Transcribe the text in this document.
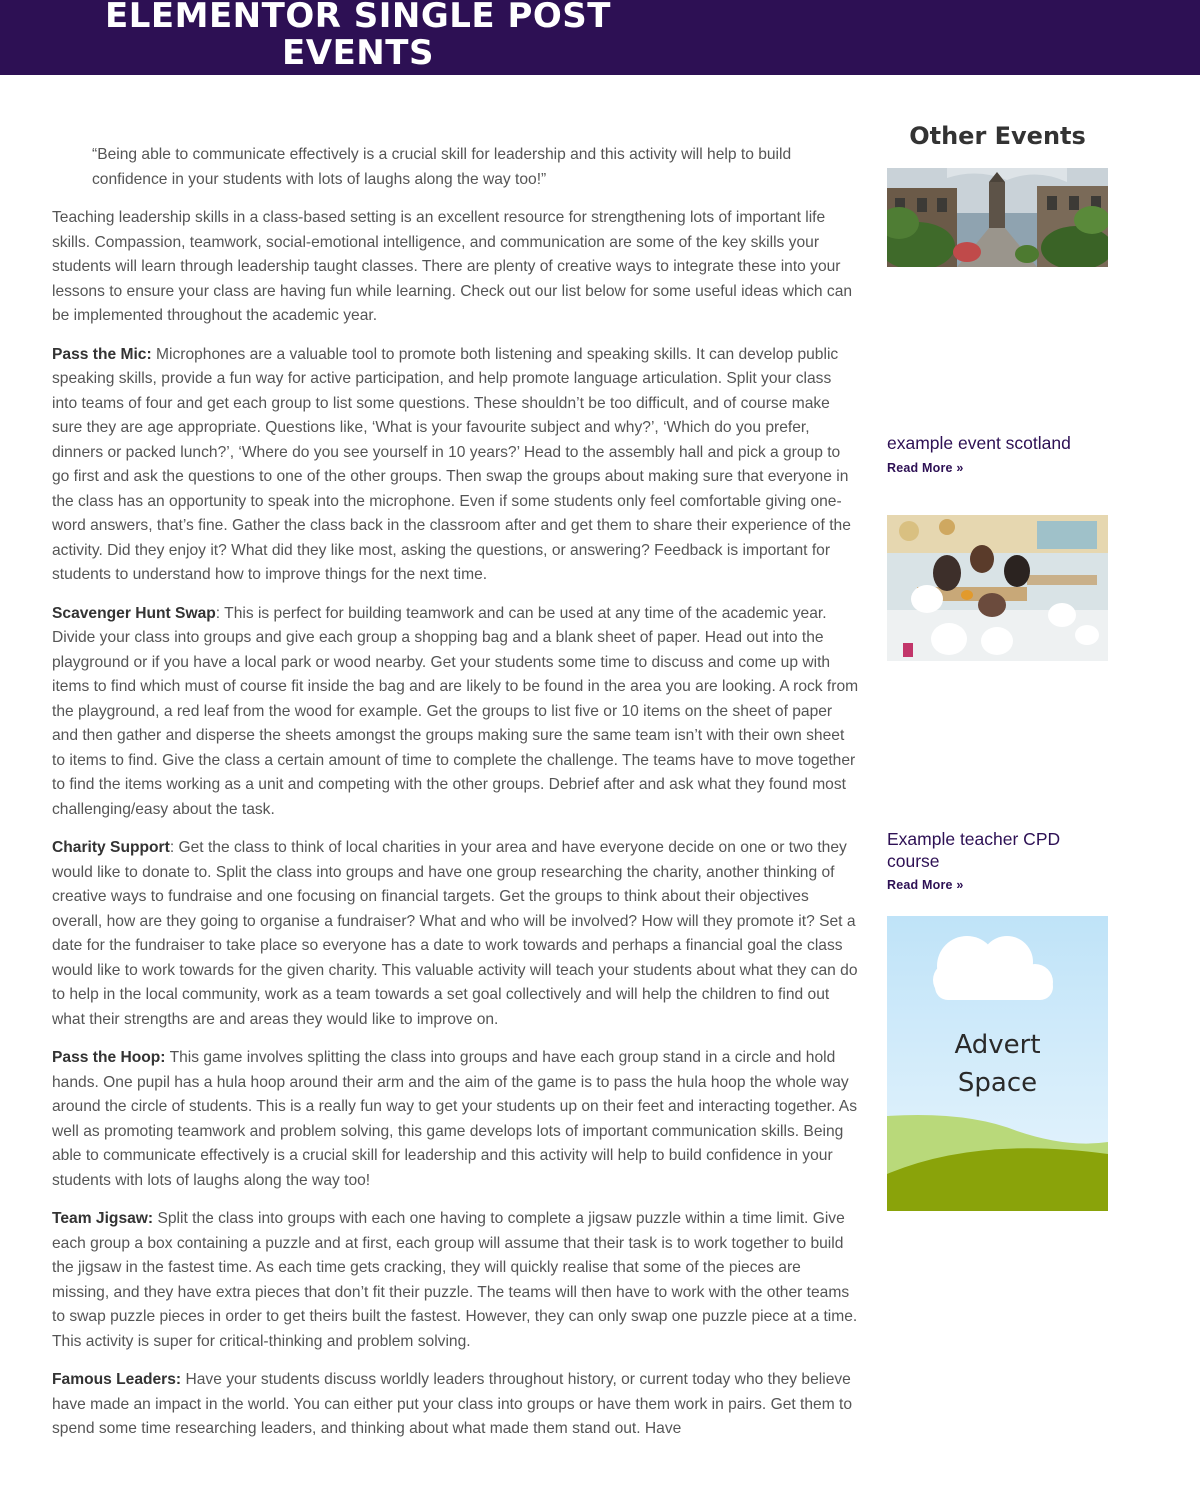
ELEMENTOR SINGLE POST
EVENTS
“Being able to communicate effectively is a crucial skill for leadership and this activity will help to build confidence in your students with lots of laughs along the way too!”

Teaching leadership skills in a class-based setting is an excellent resource for strengthening lots of important life skills. Compassion, teamwork, social-emotional intelligence, and communication are some of the key skills your students will learn through leadership taught classes. There are plenty of creative ways to integrate these into your lessons to ensure your class are having fun while learning. Check out our list below for some useful ideas which can be implemented throughout the academic year.

Pass the Mic: Microphones are a valuable tool to promote both listening and speaking skills. It can develop public speaking skills, provide a fun way for active participation, and help promote language articulation. Split your class into teams of four and get each group to list some questions. These shouldn’t be too difficult, and of course make sure they are age appropriate. Questions like, ‘What is your favourite subject and why?’, ‘Which do you prefer, dinners or packed lunch?’, ‘Where do you see yourself in 10 years?’ Head to the assembly hall and pick a group to go first and ask the questions to one of the other groups. Then swap the groups about making sure that everyone in the class has an opportunity to speak into the microphone. Even if some students only feel comfortable giving one-word answers, that’s fine. Gather the class back in the classroom after and get them to share their experience of the activity. Did they enjoy it? What did they like most, asking the questions, or answering? Feedback is important for students to understand how to improve things for the next time.

Scavenger Hunt Swap: This is perfect for building teamwork and can be used at any time of the academic year. Divide your class into groups and give each group a shopping bag and a blank sheet of paper. Head out into the playground or if you have a local park or wood nearby. Get your students some time to discuss and come up with items to find which must of course fit inside the bag and are likely to be found in the area you are looking. A rock from the playground, a red leaf from the wood for example. Get the groups to list five or 10 items on the sheet of paper and then gather and disperse the sheets amongst the groups making sure the same team isn’t with their own sheet to items to find. Give the class a certain amount of time to complete the challenge. The teams have to move together to find the items working as a unit and competing with the other groups. Debrief after and ask what they found most challenging/easy about the task.

Charity Support: Get the class to think of local charities in your area and have everyone decide on one or two they would like to donate to. Split the class into groups and have one group researching the charity, another thinking of creative ways to fundraise and one focusing on financial targets. Get the groups to think about their objectives overall, how are they going to organise a fundraiser? What and who will be involved? How will they promote it? Set a date for the fundraiser to take place so everyone has a date to work towards and perhaps a financial goal the class would like to work towards for the given charity. This valuable activity will teach your students about what they can do to help in the local community, work as a team towards a set goal collectively and will help the children to find out what their strengths are and areas they would like to improve on.

Pass the Hoop: This game involves splitting the class into groups and have each group stand in a circle and hold hands. One pupil has a hula hoop around their arm and the aim of the game is to pass the hula hoop the whole way around the circle of students. This is a really fun way to get your students up on their feet and interacting together. As well as promoting teamwork and problem solving, this game develops lots of important communication skills. Being able to communicate effectively is a crucial skill for leadership and this activity will help to build confidence in your students with lots of laughs along the way too!

Team Jigsaw: Split the class into groups with each one having to complete a jigsaw puzzle within a time limit. Give each group a box containing a puzzle and at first, each group will assume that their task is to work together to build the jigsaw in the fastest time. As each time gets cracking, they will quickly realise that some of the pieces are missing, and they have extra pieces that don’t fit their puzzle. The teams will then have to work with the other teams to swap puzzle pieces in order to get theirs built the fastest. However, they can only swap one puzzle piece at a time. This activity is super for critical-thinking and problem solving.

Famous Leaders: Have your students discuss worldly leaders throughout history, or current today who they believe have made an impact in the world. You can either put your class into groups or have them work in pairs. Get them to spend some time researching leaders, and thinking about what made them stand out. Have

Other Events
example event scotland
Read More »
Example teacher CPD course
Read More »
Advert
Space
